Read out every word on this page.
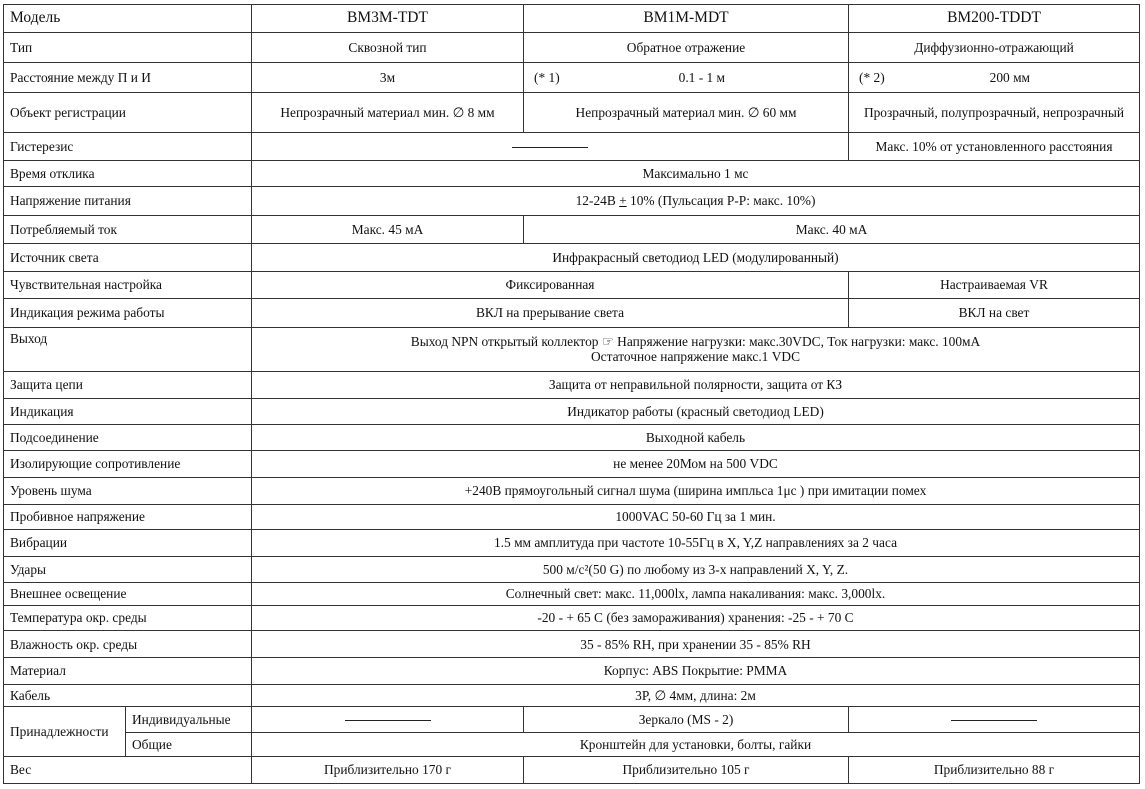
Модель		BM3M-TDT	BM1M-MDT	BM200-TDDT
Тип		Сквозной тип	Обратное отражение	Диффузионно-отражающий
Расстояние между П и И		3м	(* 1) 0.1 - 1 м	(* 2) 200 мм

Объект регистрации		Непрозрачный материал мин. ∅ 8 мм	Непрозрачный материал мин. ∅ 60 мм	Прозрачный, полупрозрачный, непрозрачный
Гистерезис				Макс. 10% от установленного расстояния
Время отклика		Максимально 1 мс		
Напряжение питания		12-24В + 10% (Пульсация P-P: макс. 10%)		
Потребляемый ток		Макс. 45 мА	Макс. 40 мА	
Источник света		Инфракрасный светодиод LED (модулированный)		
Чувствительная настройка		Фиксированная		Настраиваемая VR
Индикация режима работы		ВКЛ на прерывание света		ВКЛ на свет
Выход		Выход NPN открытый коллектор ☞ Напряжение нагрузки: макс.30VDC, Ток нагрузки: макс. 100мА
Остаточное напряжение макс.1 VDC		

Защита цепи		Защита от неправильной полярности, защита от КЗ		
Индикация		Индикатор работы (красный светодиод LED)		
Подсоединение		Выходной кабель		
Изолирующие сопротивление		не менее 20Мом на 500 VDC		
Уровень шума		+240В прямоугольный сигнал шума (ширина импльса 1μс ) при имитации помех		
Пробивное напряжение		1000VAC 50-60 Гц за 1 мин.		
Вибрации		1.5 мм амплитуда при частоте 10-55Гц в X, Y,Z направлениях за 2 часа		
Удары		500 м/с²(50 G) по любому из 3-х направлений X, Y, Z.		
Внешнее освещение		Солнечный свет: макс. 11,000lx, лампа накаливания: макс. 3,000lx.		
Температура окр. среды		-20 - + 65 C (без замораживания) хранения: -25 - + 70 C		
Влажность окр. среды		35 - 85% RH, при хранении 35 - 85% RH		
Материал		Корпус: ABS Покрытие: PMMA		
Кабель		3P, ∅ 4мм, длина: 2м		
Принадлежности	Индивидуальные		Зеркало (MS - 2)	
	Общие	Кронштейн для установки, болты, гайки		
Вес		Приблизительно 170 г	Приблизительно 105 г	Приблизительно 88 г
